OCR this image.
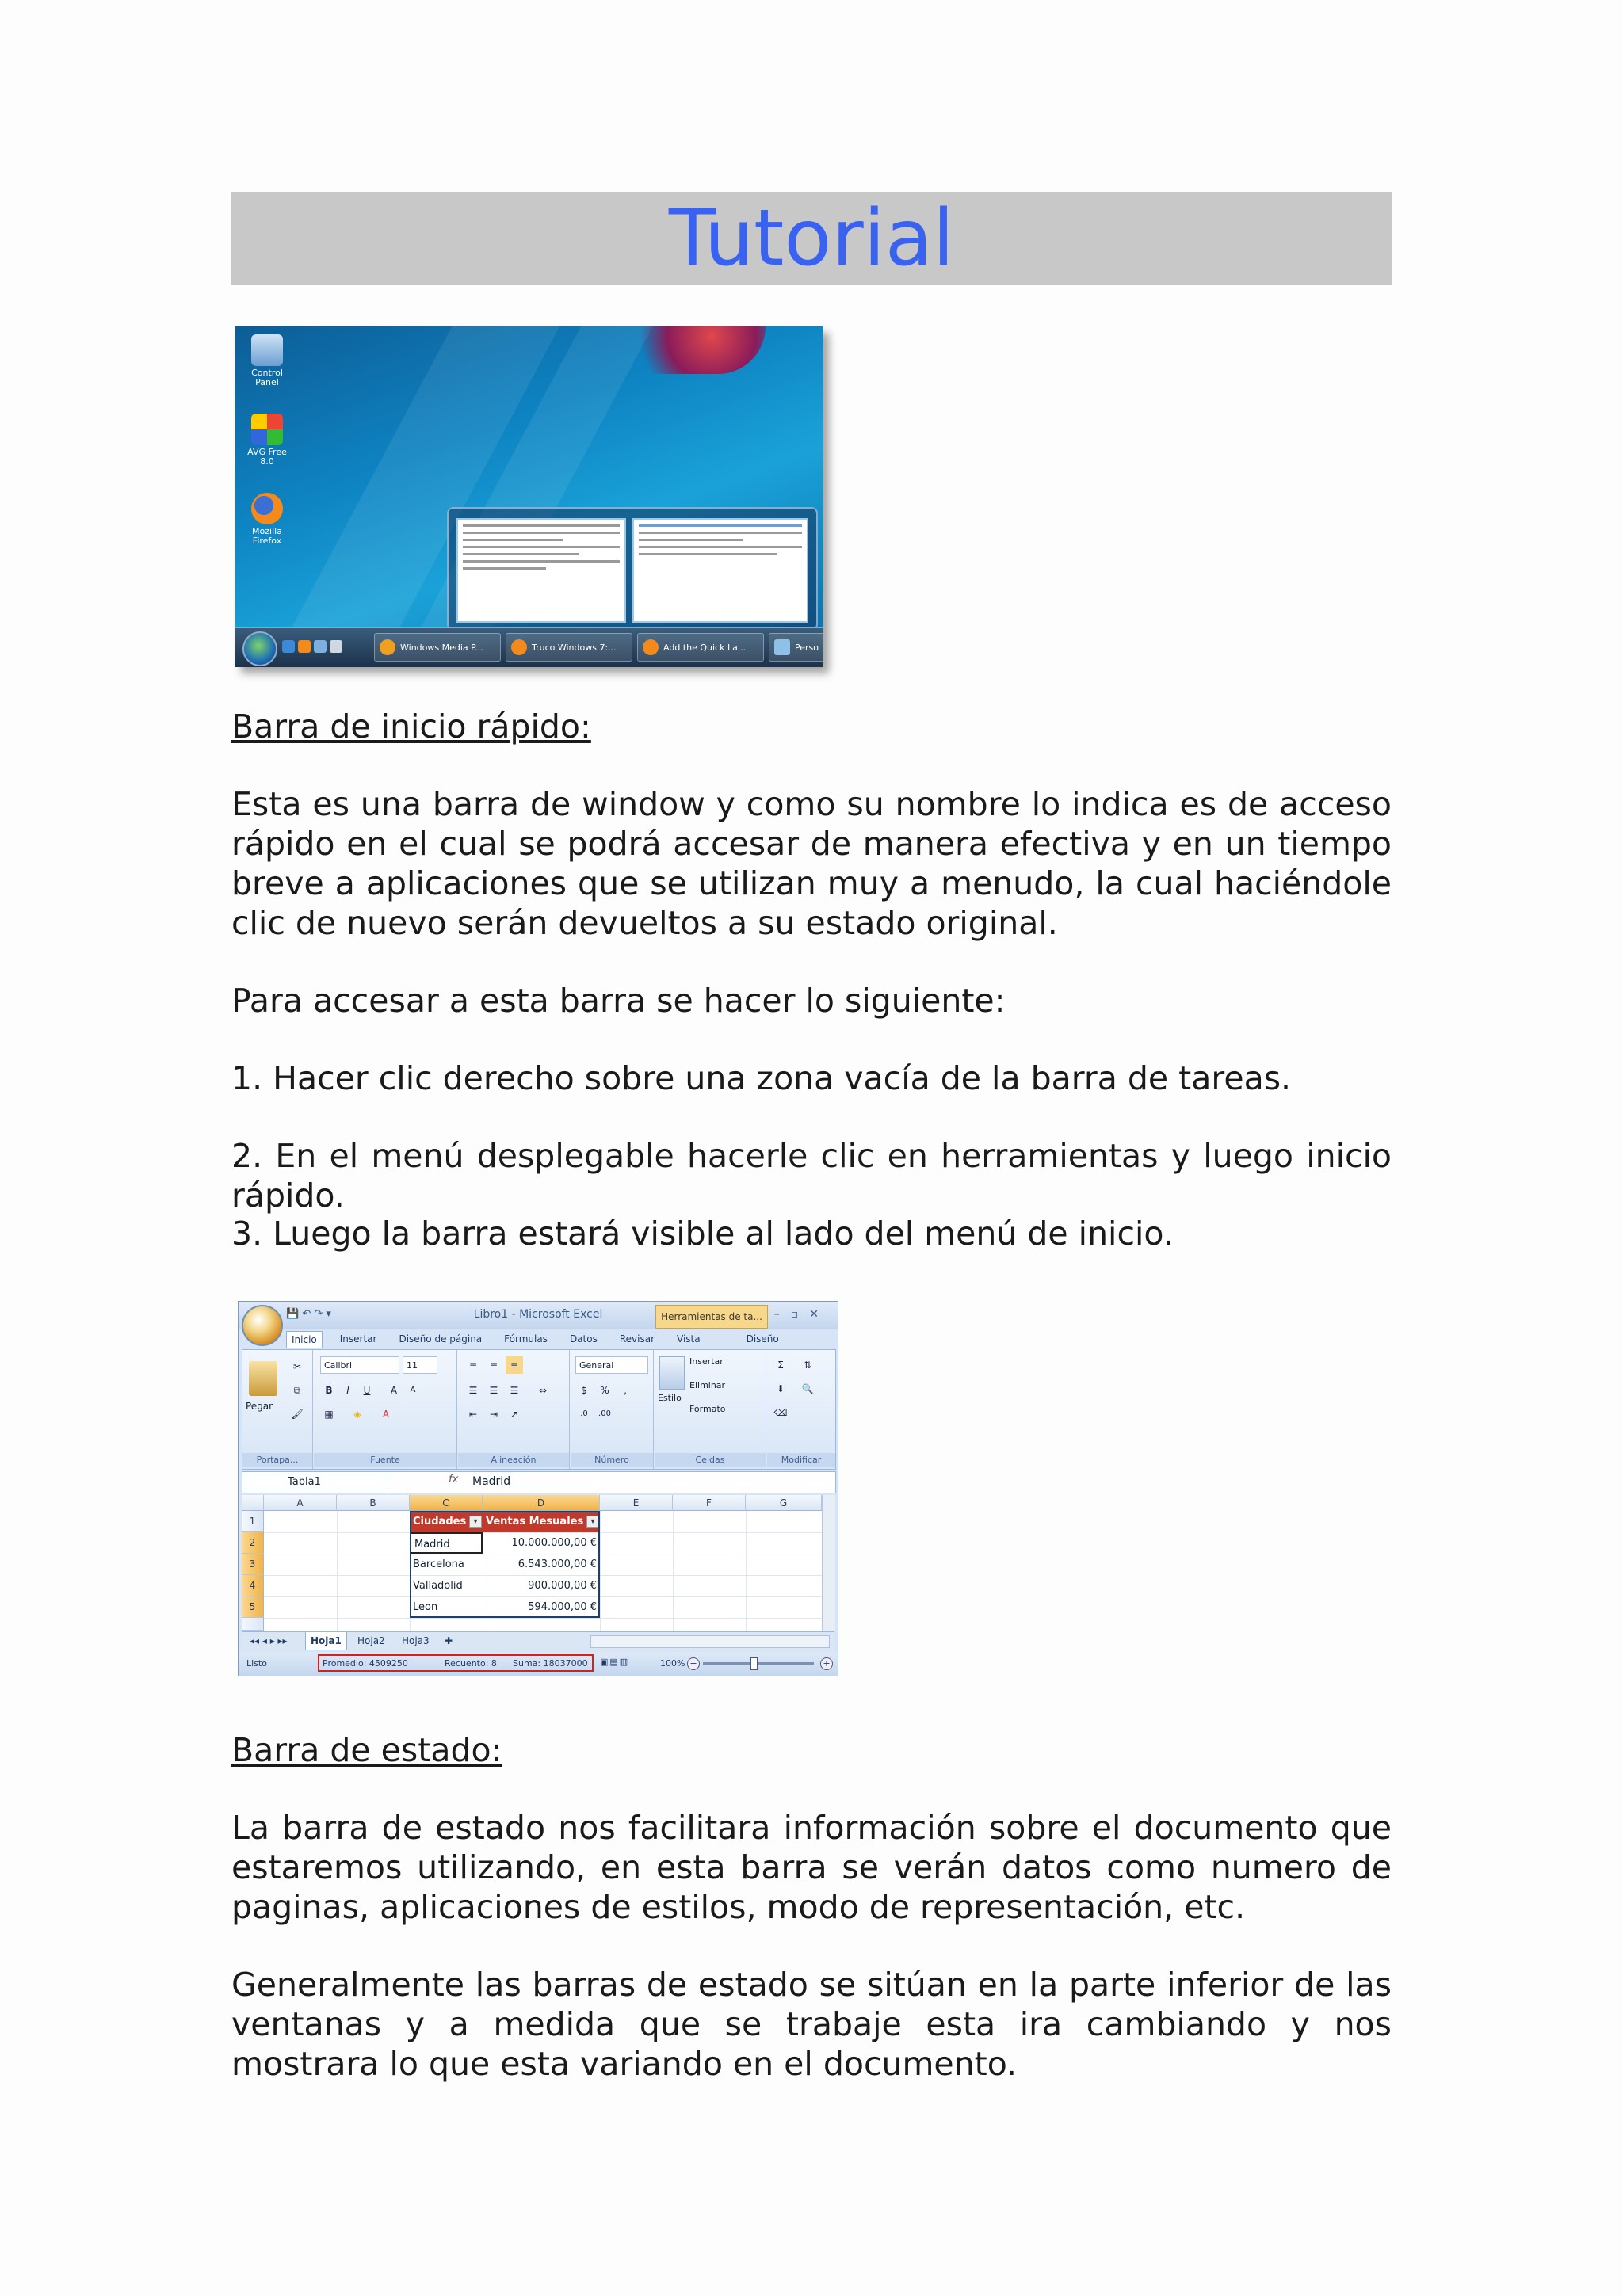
Tutorial
Control Panel
AVG Free 8.0
Mozilla Firefox
Windows Media P...	Truco Windows 7:...	Add the Quick La...	Perso
Barra de inicio rápido:
Esta es una barra de window y como su nombre lo indica es de acceso rápido en el cual se podrá accesar de manera efectiva y en un tiempo breve a aplicaciones que se utilizan muy a menudo, la cual haciéndole clic de nuevo serán devueltos a su estado original.
Para accesar a esta barra se hacer lo siguiente:
1. Hacer clic derecho sobre una zona vacía de la barra de tareas.
2. En el menú desplegable hacerle clic en herramientas y luego inicio rápido.
3. Luego la barra estará visible al lado del menú de inicio.
Libro1 - Microsoft Excel
💾 ↶ ↷ ▾	Herramientas de ta...	–▫✕
Inicio	Insertar	Diseño de página	Fórmulas	Datos	Revisar	Vista	Diseño
Pegar
✂
⧉
🖌
Portapa...
Calibri	11
B	I	U	A	A
▦	◈	A
Fuente
≡	≡	≡
☰	☰	☰	⇔
⇤	⇥	↗
Alineación
General
$	%	,
.0	.00
Número
Estilo
Insertar
Eliminar
Formato
Celdas
Σ	⇅
⬇	🔍
⌫
Modificar
Tabla1	fx Madrid
A	B	C	D	E	F	G
1
2
3
4
5
Ciudades ▾	Ventas Mesuales ▾
Madrid	10.000.000,00 €
Barcelona	6.543.000,00 €
Valladolid	900.000,00 €
Leon	594.000,00 €
◂◂ ◂ ▸ ▸▸	Hoja1	Hoja2	Hoja3	✚
Listo	Promedio: 4509250	Recuento: 8 Suma: 18037000 ▣▤▥	100% −	+
Barra de estado:
La barra de estado nos facilitara información sobre el documento que estaremos utilizando, en esta barra se verán datos como numero de paginas, aplicaciones de estilos, modo de representación, etc.
Generalmente las barras de estado se sitúan en la parte inferior de las ventanas y a medida que se trabaje esta ira cambiando y nos mostrara lo que esta variando en el documento.
